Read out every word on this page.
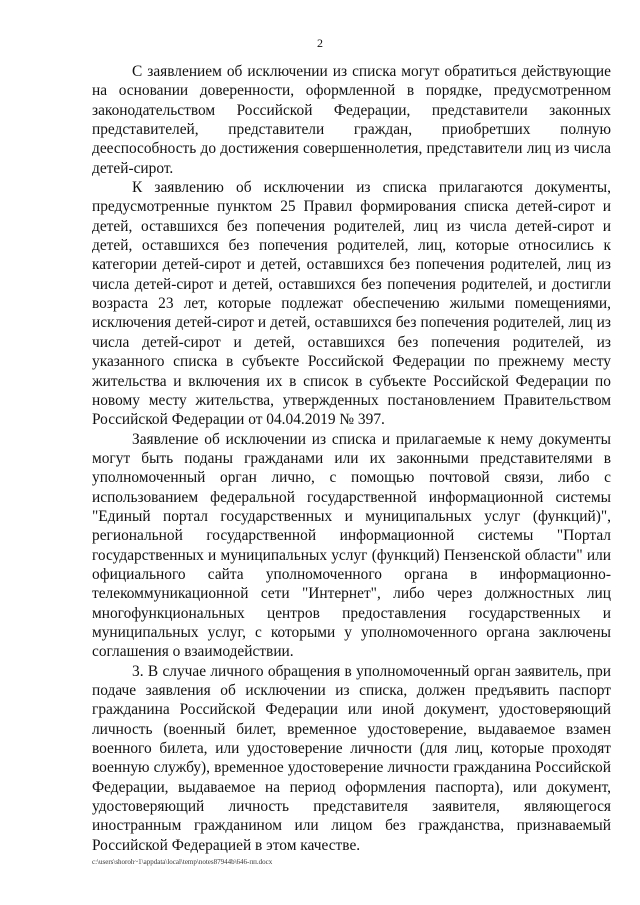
2

С заявлением об исключении из списка могут обратиться действующие на основании доверенности, оформленной в порядке, предусмотренном законодательством Российской Федерации, представители законных представителей, представители граждан, приобретших полную дееспособность до достижения совершеннолетия, представители лиц из числа детей-сирот.

К заявлению об исключении из списка прилагаются документы, предусмотренные пунктом 25 Правил формирования списка детей-сирот и детей, оставшихся без попечения родителей, лиц из числа детей-сирот и детей, оставшихся без попечения родителей, лиц, которые относились к категории детей-сирот и детей, оставшихся без попечения родителей, лиц из числа детей-сирот и детей, оставшихся без попечения родителей, и достигли возраста 23 лет, которые подлежат обеспечению жилыми помещениями, исключения детей-сирот и детей, оставшихся без попечения родителей, лиц из числа детей-сирот и детей, оставшихся без попечения родителей, из указанного списка в субъекте Российской Федерации по прежнему месту жительства и включения их в список в субъекте Российской Федерации по новому месту жительства, утвержденных постановлением Правительством Российской Федерации от 04.04.2019 № 397.

Заявление об исключении из списка и прилагаемые к нему документы могут быть поданы гражданами или их законными представителями в уполномоченный орган лично, с помощью почтовой связи, либо с использованием федеральной государственной информационной системы "Единый портал государственных и муниципальных услуг (функций)", региональной государственной информационной системы "Портал государственных и муниципальных услуг (функций) Пензенской области" или официального сайта уполномоченного органа в информационно-телекоммуникационной сети "Интернет", либо через должностных лиц многофункциональных центров предоставления государственных и муниципальных услуг, с которыми у уполномоченного органа заключены соглашения о взаимодействии.

3. В случае личного обращения в уполномоченный орган заявитель, при подаче заявления об исключении из списка, должен предъявить паспорт гражданина Российской Федерации или иной документ, удостоверяющий личность (военный билет, временное удостоверение, выдаваемое взамен военного билета, или удостоверение личности (для лиц, которые проходят военную службу), временное удостоверение личности гражданина Российской Федерации, выдаваемое на период оформления паспорта), или документ, удостоверяющий личность представителя заявителя, являющегося иностранным гражданином или лицом без гражданства, признаваемый Российской Федерацией в этом качестве.

c:\users\shoroh~1\appdata\local\temp\notes87944b\646-пп.docx
